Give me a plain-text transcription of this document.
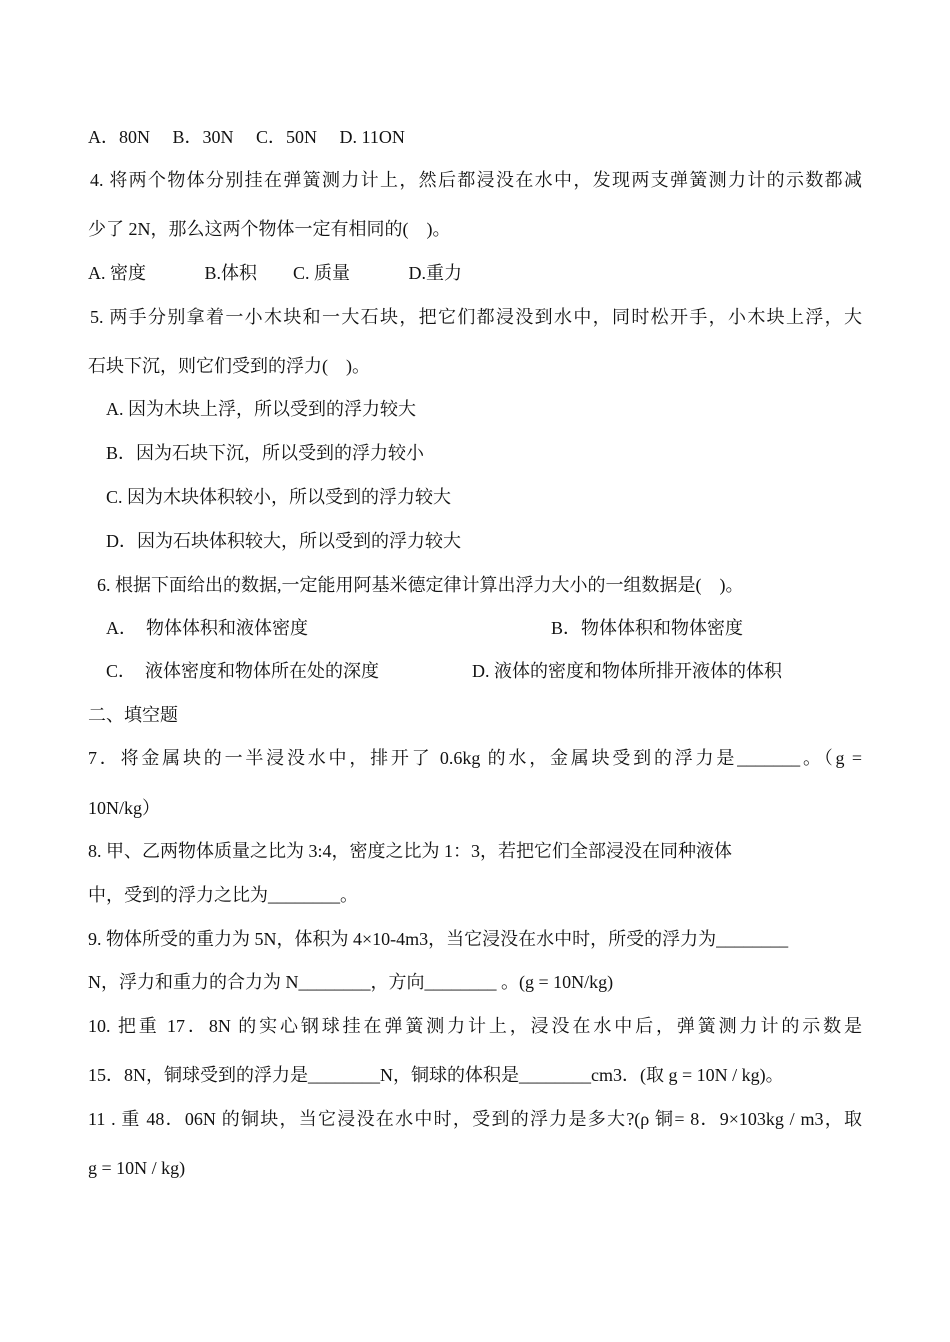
A．80N     B．30N     C．50N     D. 11ON
4. 将两个物体分别挂在弹簧测力计上，然后都浸没在水中，发现两支弹簧测力计的示数都减
少了 2N，那么这两个物体一定有相同的(    )。
A. 密度             B.体积        C. 质量             D.重力
5. 两手分别拿着一小木块和一大石块，把它们都浸没到水中，同时松开手，小木块上浮，大
石块下沉，则它们受到的浮力(    )。
A. 因为木块上浮，所以受到的浮力较大
B．因为石块下沉，所以受到的浮力较小
C. 因为木块体积较小，所以受到的浮力较大
D．因为石块体积较大，所以受到的浮力较大
6. 根据下面给出的数据,一定能用阿基米德定律计算出浮力大小的一组数据是(    )。
A．  物体体积和液体密度	B．物体体积和物体密度
C．  液体密度和物体所在处的深度	D. 液体的密度和物体所排开液体的体积
二、填空题
7．将金属块的一半浸没水中，排开了 0.6kg 的水，金属块受到的浮力是_______。（g =
10N/kg）
8. 甲、乙两物体质量之比为 3:4，密度之比为 1：3，若把它们全部浸没在同种液体
中，受到的浮力之比为________。
9. 物体所受的重力为 5N，体积为 4×10-4m3，当它浸没在水中时，所受的浮力为________
N，浮力和重力的合力为 N________，方向________ 。(g = 10N/kg)
10. 把重 17．8N 的实心钢球挂在弹簧测力计上，浸没在水中后，弹簧测力计的示数是
15．8N，铜球受到的浮力是________N，铜球的体积是________cm3．(取 g = 10N / kg)。
11 . 重 48．06N 的铜块，当它浸没在水中时，受到的浮力是多大?(ρ 铜= 8．9×103kg / m3，取
g = 10N / kg)
